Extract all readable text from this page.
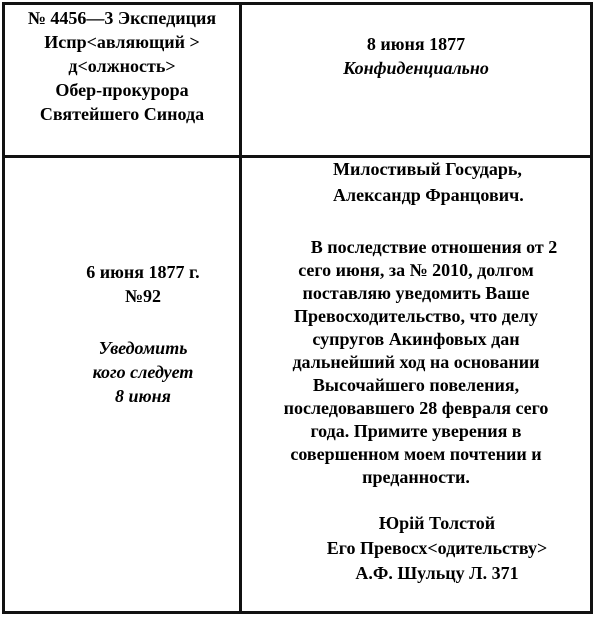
№ 4456—3 Экспедиция
Испр<авляющий >
д<олжность>
Обер-прокурора
Святейшего Синода
8 июня 1877
Конфиденциально
6 июня 1877 г.
№92
Уведомить
кого следует
8 июня
Милостивый Государь,
Александр Францович.
В последствие отношения от 2
сего июня, за № 2010, долгом
поставляю уведомить Ваше
Превосходительство, что делу
супругов Акинфовых дан
дальнейший ход на основании
Высочайшего повеления,
последовавшего 28 февраля сего
года. Примите уверения в
совершенном моем почтении и
преданности.
Юрій Толстой
Его Превосх<одительству>
А.Ф. Шульцу Л. 371
